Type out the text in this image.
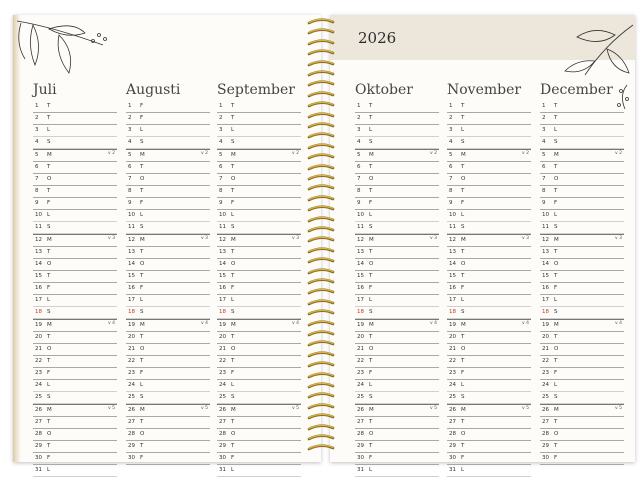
Juli
1 T
2 T
3 L
4 S
5 M	v 2
6 T
7 O
8 T
9 F
10 L
11 S
12 M	v 3
13 T
14 O
15 T
16 F
17 L
18 S
19 M	v 4
20 T
21 O
22 T
23 F
24 L
25 S
26 M	v 5
27 T
28 O
29 T
30 F
31 L
Augusti
1 F
2 F
3 L
4 S
5 M	v 2
6 T
7 O
8 T
9 F
10 L
11 S
12 M	v 3
13 T
14 O
15 T
16 F
17 L
18 S
19 M	v 4
20 T
21 O
22 T
23 F
24 L
25 S
26 M	v 5
27 T
28 O
29 T
30 F
September
1 T
2 T
3 L
4 S
5 M	v 2
6 T
7 O
8 T
9 F
10 L
11 S
12 M	v 3
13 T
14 O
15 T
16 F
17 L
18 S
19 M	v 4
20 T
21 O
22 T
23 F
24 L
25 S
26 M	v 5
27 T
28 O
29 T
30 F
31 L
2026
Oktober
1 T
2 T
3 L
4 S
5 M	v 2
6 T
7 O
8 T
9 F
10 L
11 S
12 M	v 3
13 T
14 O
15 T
16 F
17 L
18 S
19 M	v 4
20 T
21 O
22 T
23 F
24 L
25 S
26 M	v 5
27 T
28 O
29 T
30 F
31 L
November
1 T
2 T
3 L
4 S
5 M	v 2
6 T
7 O
8 T
9 F
10 L
11 S
12 M	v 3
13 T
14 O
15 T
16 F
17 L
18 S
19 M	v 4
20 T
21 O
22 T
23 F
24 L
25 S
26 M	v 5
27 T
28 O
29 T
30 F
31 L
December
1 T
2 T
3 L
4 S
5 M	v 2
6 T
7 O
8 T
9 F
10 L
11 S
12 M	v 3
13 T
14 O
15 T
16 F
17 L
18 S
19 M	v 4
20 T
21 O
22 T
23 F
24 L
25 S
26 M	v 5
27 T
28 O
29 T
30 F
